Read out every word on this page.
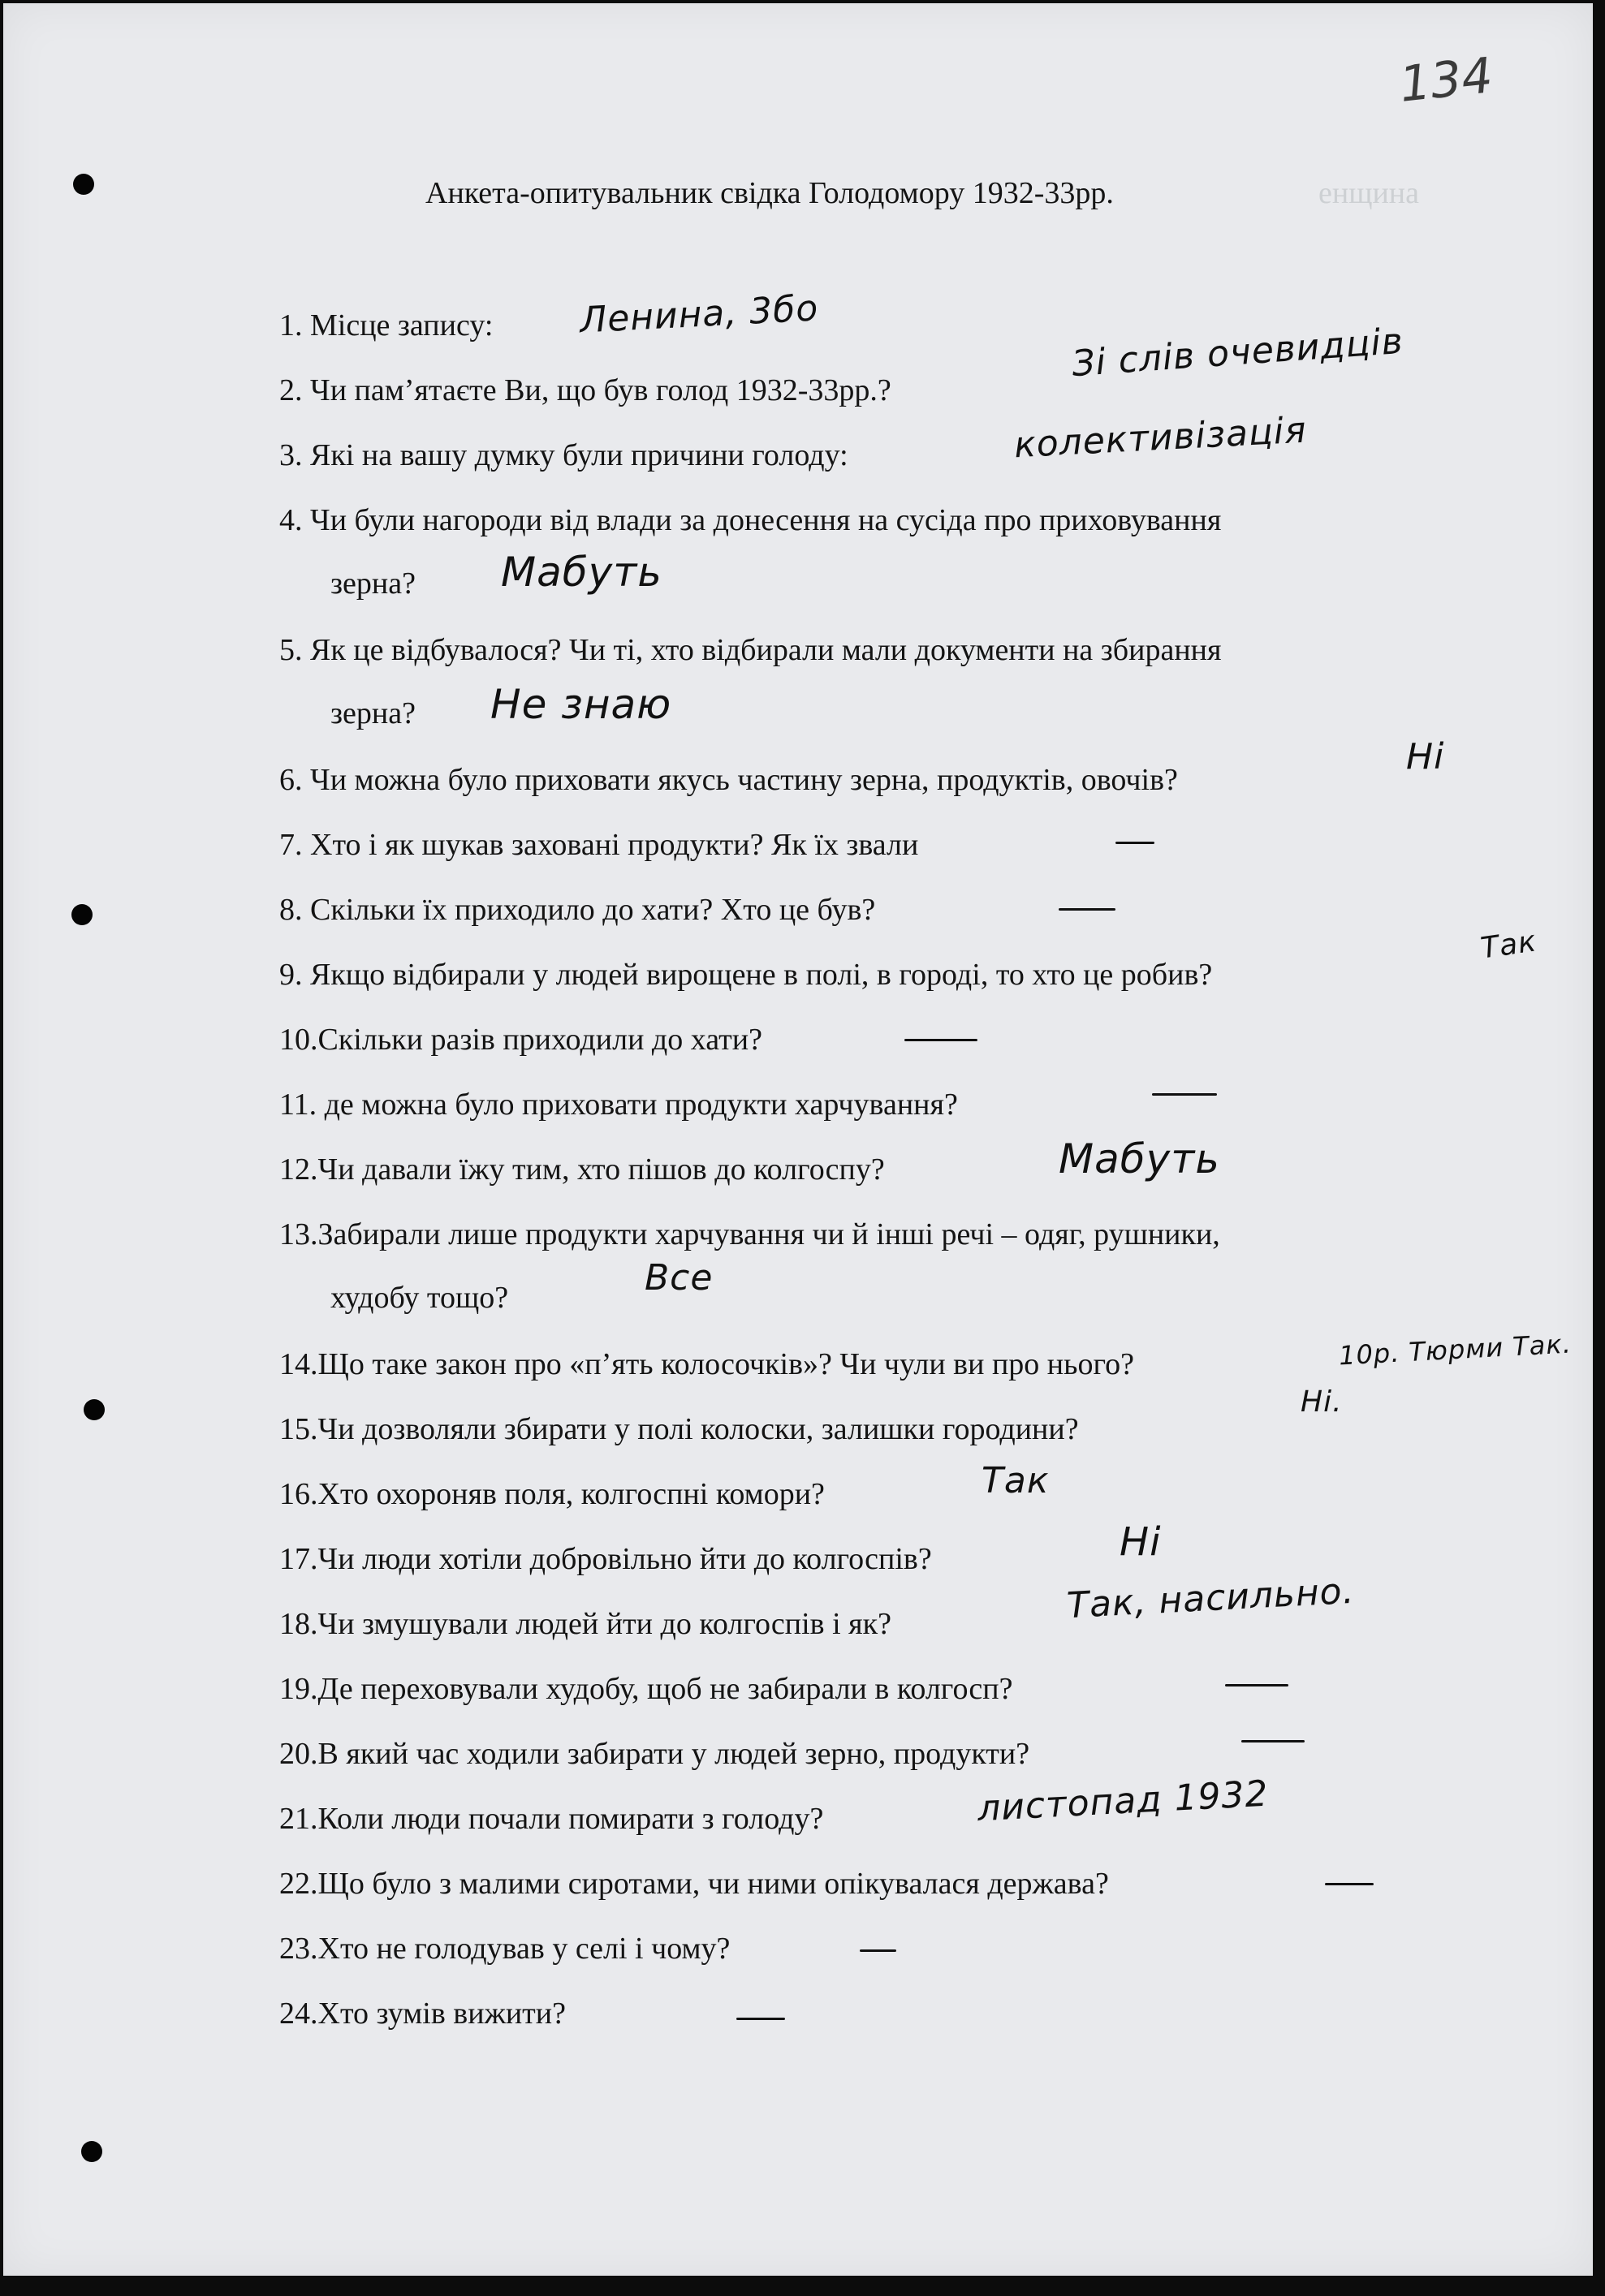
енщина
134
Анкета-опитувальник свідка Голодомору 1932-33рр.
1. Місце запису: Ленина, 3бо
2. Чи пам’ятаєте Ви, що був голод 1932-33рр.?
Зі слів очевидців
3. Які на вашу думку були причини голоду:	колективізація
4. Чи були нагороди від влади за донесення на сусіда про приховування
зерна? Мабуть
5. Як це відбувалося? Чи ті, хто відбирали мали документи на збирання
зерна? Не знаю
6. Чи можна було приховати якусь частину зерна, продуктів, овочів?
Ні
7. Хто і як шукав заховані продукти? Як їх звали
8. Скільки їх приходило до хати? Хто це був?
9. Якщо відбирали у людей вирощене в полі, в городі, то хто це робив?
Так
10.Скільки разів приходили до хати?
11. де можна було приховати продукти харчування?
12.Чи давали їжу тим, хто пішов до колгоспу?	Мабуть
13.Забирали лише продукти харчування чи й інші речі – одяг, рушники,
худобу тощо?	Все
14.Що таке закон про «п’ять колосочків»? Чи чули ви про нього?	10р. Тюрми Так.
15.Чи дозволяли збирати у полі колоски, залишки городини?
Ні.
16.Хто охороняв поля, колгоспні комори?	Так
17.Чи люди хотіли добровільно йти до колгоспів?	Ні
18.Чи змушували людей йти до колгоспів і як?	Так, насильно.
19.Де переховували худобу, щоб не забирали в колгосп?
20.В який час ходили забирати у людей зерно, продукти?
21.Коли люди почали помирати з голоду?	листопад 1932
22.Що було з малими сиротами, чи ними опікувалася держава?
23.Хто не голодував у селі і чому?
24.Хто зумів вижити?
